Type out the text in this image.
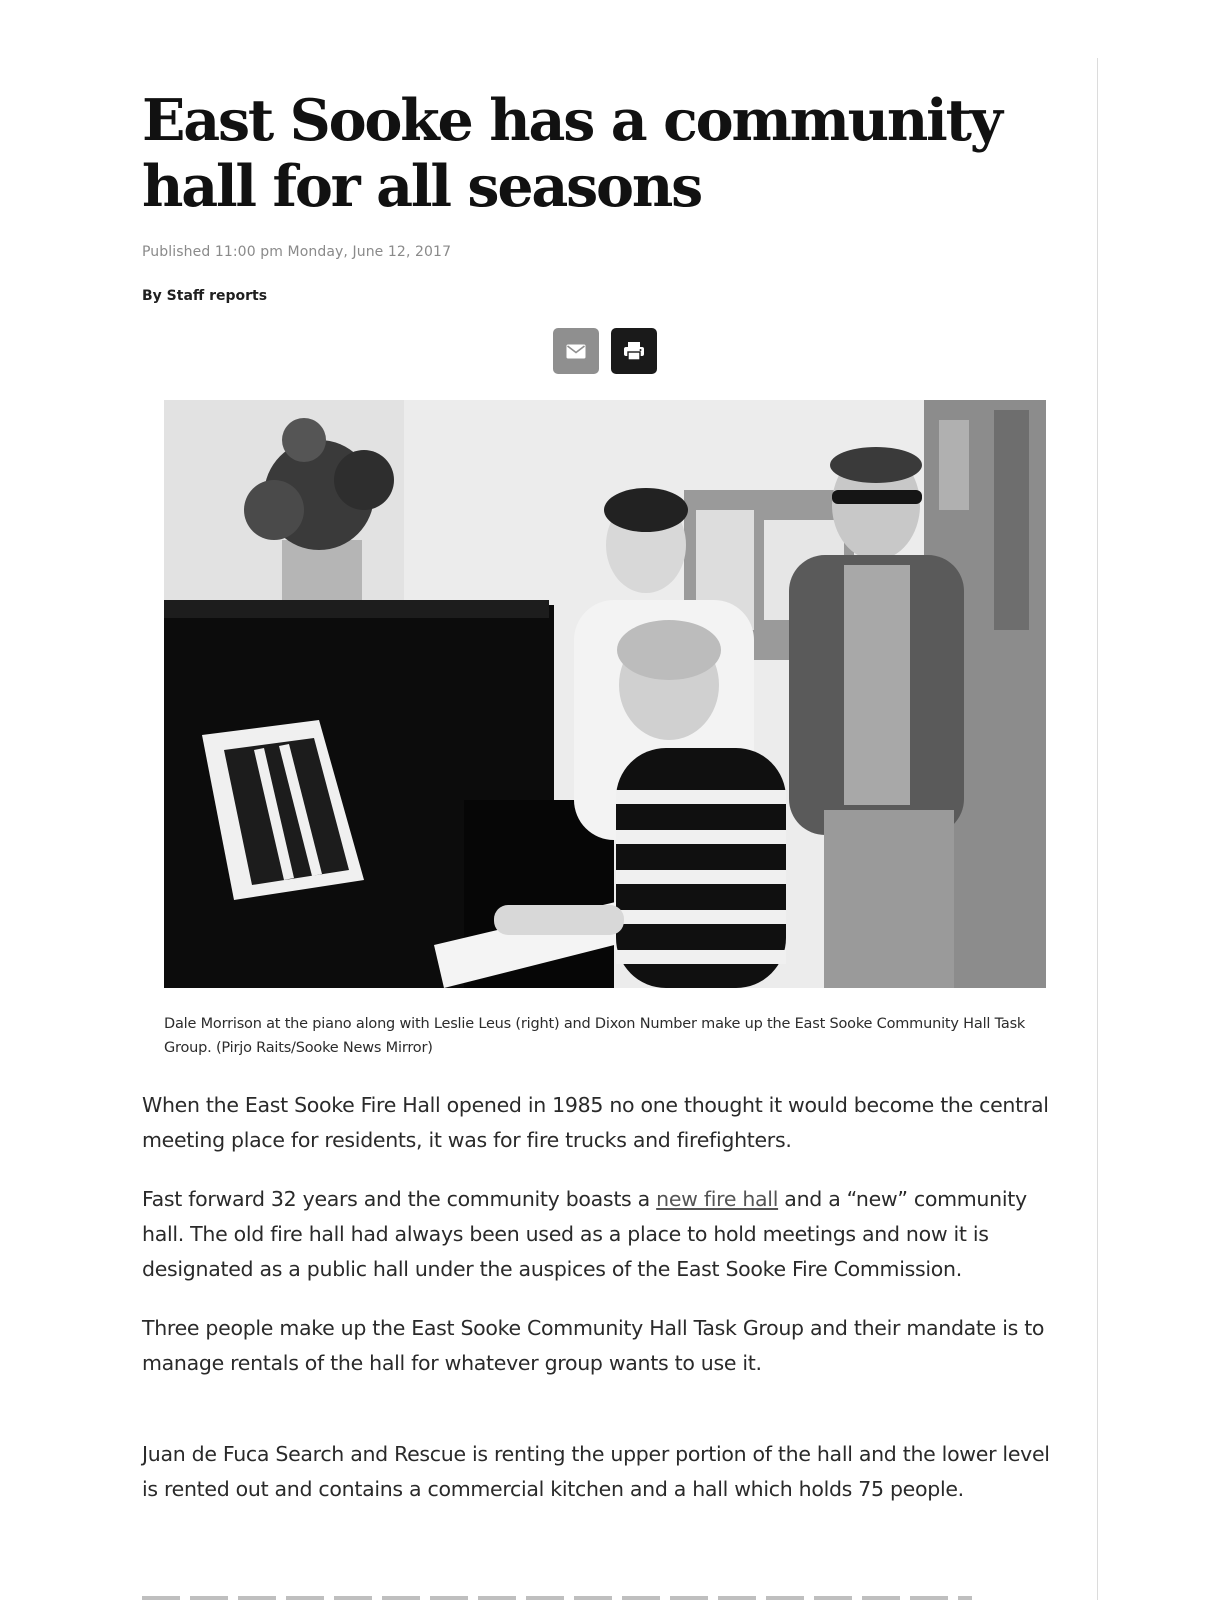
East Sooke has a community hall for all seasons
Published 11:00 pm Monday, June 12, 2017
By Staff reports
Dale Morrison at the piano along with Leslie Leus (right) and Dixon Number make up the East Sooke Community Hall Task Group. (Pirjo Raits/Sooke News Mirror)

When the East Sooke Fire Hall opened in 1985 no one thought it would become the central meeting place for residents, it was for fire trucks and firefighters.

Fast forward 32 years and the community boasts a new fire hall and a “new” community hall. The old fire hall had always been used as a place to hold meetings and now it is designated as a public hall under the auspices of the East Sooke Fire Commission.

Three people make up the East Sooke Community Hall Task Group and their mandate is to manage rentals of the hall for whatever group wants to use it.

Juan de Fuca Search and Rescue is renting the upper portion of the hall and the lower level is rented out and contains a commercial kitchen and a hall which holds 75 people.
